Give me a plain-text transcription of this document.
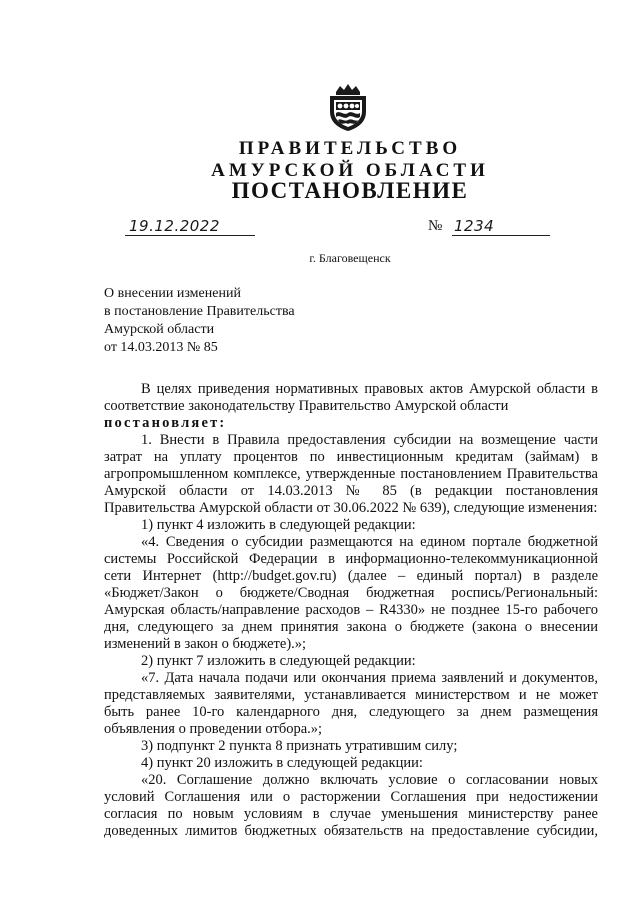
ПРАВИТЕЛЬСТВО
АМУРСКОЙ ОБЛАСТИ
ПОСТАНОВЛЕНИЕ
19.12.2022	№ 1234
г. Благовещенск
О внесении изменений
в постановление Правительства
Амурской области
от 14.03.2013 № 85
В целях приведения нормативных правовых актов Амурской области в соответствие законодательству Правительство Амурской области
постановляет:
1. Внести в Правила предоставления субсидии на возмещение части затрат на уплату процентов по инвестиционным кредитам (займам) в агропромышленном комплексе, утвержденные постановлением Правительства Амурской области от 14.03.2013 № 85 (в редакции постановления Правительства Амурской области от 30.06.2022 № 639), следующие изменения:
1) пункт 4 изложить в следующей редакции:
«4. Сведения о субсидии размещаются на едином портале бюджетной системы Российской Федерации в информационно-телекоммуникационной сети Интернет (http://budget.gov.ru) (далее – единый портал) в разделе «Бюджет/Закон о бюджете/Сводная бюджетная роспись/Региональный: Амурская область/направление расходов – R4330» не позднее 15-го рабочего дня, следующего за днем принятия закона о бюджете (закона о внесении изменений в закон о бюджете).»;
2) пункт 7 изложить в следующей редакции:
«7. Дата начала подачи или окончания приема заявлений и документов, представляемых заявителями, устанавливается министерством и не может быть ранее 10-го календарного дня, следующего за днем размещения объявления о проведении отбора.»;
3) подпункт 2 пункта 8 признать утратившим силу;
4) пункт 20 изложить в следующей редакции:
«20. Соглашение должно включать условие о согласовании новых условий Соглашения или о расторжении Соглашения при недостижении согласия по новым условиям в случае уменьшения министерству ранее доведенных лимитов бюджетных обязательств на предоставление субсидии,
